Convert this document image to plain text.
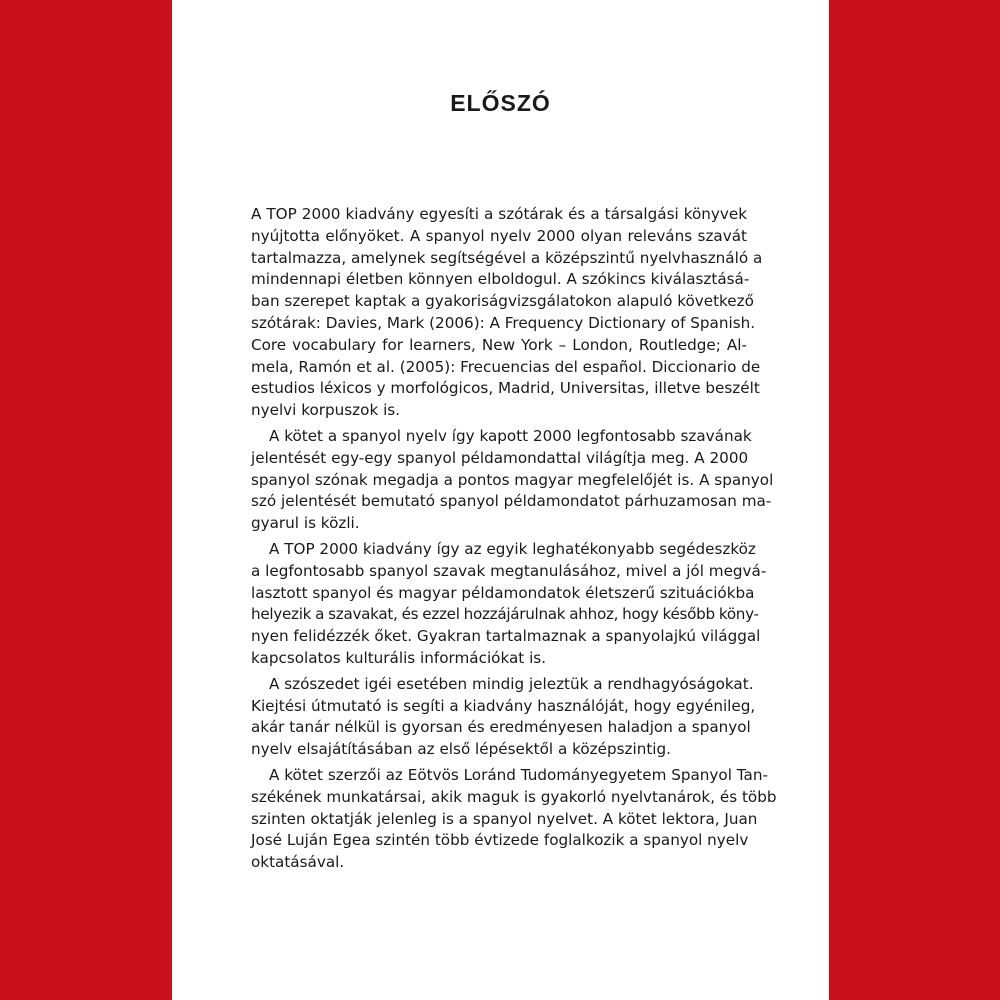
ELŐSZÓ
A TOP 2000 kiadvány egyesíti a szótárak és a társalgási könyvek
nyújtotta előnyöket. A spanyol nyelv 2000 olyan releváns szavát
tartalmazza, amelynek segítségével a középszintű nyelvhasználó a
mindennapi életben könnyen elboldogul. A szókincs kiválasztásá-
ban szerepet kaptak a gyakoriságvizsgálatokon alapuló következő
szótárak: Davies, Mark (2006): A Frequency Dictionary of Spanish.
Core vocabulary for learners, New York – London, Routledge; Al-
mela, Ramón et al. (2005): Frecuencias del español. Diccionario de
estudios léxicos y morfológicos, Madrid, Universitas, illetve beszélt
nyelvi korpuszok is.
A kötet a spanyol nyelv így kapott 2000 legfontosabb szavának
jelentését egy-egy spanyol példamondattal világítja meg. A 2000
spanyol szónak megadja a pontos magyar megfelelőjét is. A spanyol
szó jelentését bemutató spanyol példamondatot párhuzamosan ma-
gyarul is közli.
A TOP 2000 kiadvány így az egyik leghatékonyabb segédeszköz
a legfontosabb spanyol szavak megtanulásához, mivel a jól megvá-
lasztott spanyol és magyar példamondatok életszerű szituációkba
helyezik a szavakat, és ezzel hozzájárulnak ahhoz, hogy később köny-
nyen felidézzék őket. Gyakran tartalmaznak a spanyolajkú világgal
kapcsolatos kulturális információkat is.
A szószedet igéi esetében mindig jeleztük a rendhagyóságokat.
Kiejtési útmutató is segíti a kiadvány használóját, hogy egyénileg,
akár tanár nélkül is gyorsan és eredményesen haladjon a spanyol
nyelv elsajátításában az első lépésektől a középszintig.
A kötet szerzői az Eötvös Loránd Tudományegyetem Spanyol Tan-
székének munkatársai, akik maguk is gyakorló nyelvtanárok, és több
szinten oktatják jelenleg is a spanyol nyelvet. A kötet lektora, Juan
José Luján Egea szintén több évtizede foglalkozik a spanyol nyelv
oktatásával.
